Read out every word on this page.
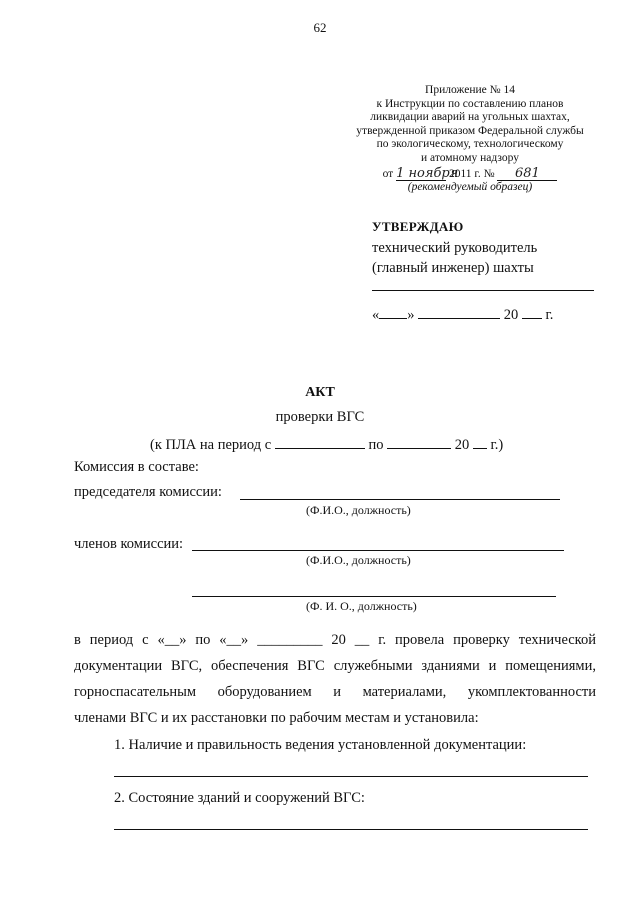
62
Приложение № 14
к Инструкции по составлению планов
ликвидации аварий на угольных шахтах,
утвержденной приказом Федеральной службы
по экологическому, технологическому
и атомному надзору
от 1 ноября 2011 г. № 681
(рекомендуемый образец)
УТВЕРЖДАЮ
технический руководитель
(главный инженер) шахты
« »	20 г.
АКТ
проверки ВГС
(к ПЛА на период с	по	20 г.)
Комиссия в составе:
председателя комиссии:
(Ф.И.О., должность)
членов комиссии:
(Ф.И.О., должность)
(Ф. И. О., должность)
в период с «__» по «__» _________ 20 __ г. провела проверку технической
документации ВГС, обеспечения ВГС служебными зданиями и помещениями,
горноспасательным оборудованием и материалами, укомплектованности
членами ВГС и их расстановки по рабочим местам и установила:
1. Наличие и правильность ведения установленной документации:
2. Состояние зданий и сооружений ВГС:
